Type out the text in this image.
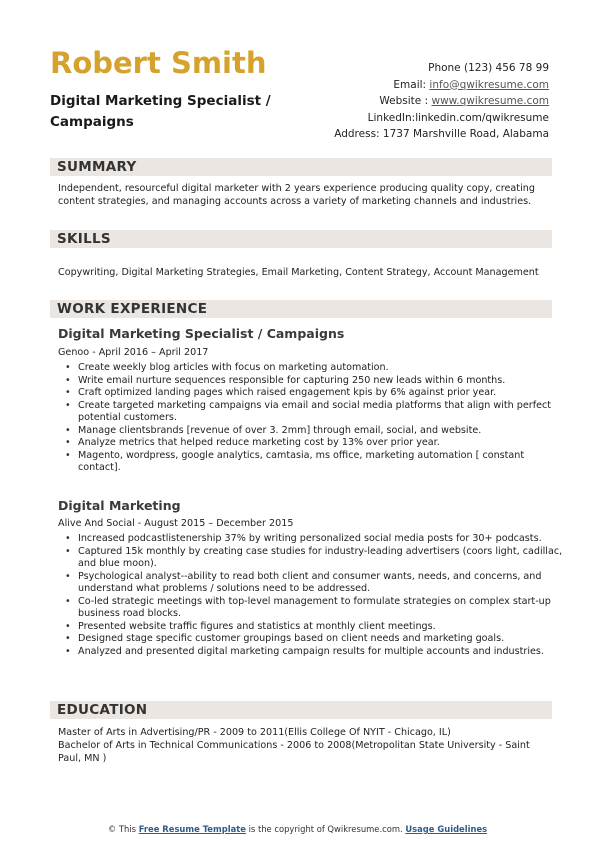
Robert Smith
Digital Marketing Specialist / Campaigns
Phone (123) 456 78 99
Email: info@qwikresume.com
Website : www.qwikresume.com
LinkedIn:linkedin.com/qwikresume
Address: 1737 Marshville Road, Alabama
SUMMARY
Independent, resourceful digital marketer with 2 years experience producing quality copy, creating content strategies, and managing accounts across a variety of marketing channels and industries.
SKILLS
Copywriting, Digital Marketing Strategies, Email Marketing, Content Strategy, Account Management
WORK EXPERIENCE
Digital Marketing Specialist / Campaigns
Genoo - April 2016 – April 2017
• Create weekly blog articles with focus on marketing automation.
• Write email nurture sequences responsible for capturing 250 new leads within 6 months.
• Craft optimized landing pages which raised engagement kpis by 6% against prior year.
• Create targeted marketing campaigns via email and social media platforms that align with perfect potential customers.
• Manage clientsbrands [revenue of over 3. 2mm] through email, social, and website.
• Analyze metrics that helped reduce marketing cost by 13% over prior year.
• Magento, wordpress, google analytics, camtasia, ms office, marketing automation [ constant contact].
Digital Marketing
Alive And Social - August 2015 – December 2015
• Increased podcastlistenership 37% by writing personalized social media posts for 30+ podcasts.
• Captured 15k monthly by creating case studies for industry-leading advertisers (coors light, cadillac, and blue moon).
• Psychological analyst--ability to read both client and consumer wants, needs, and concerns, and understand what problems / solutions need to be addressed.
• Co-led strategic meetings with top-level management to formulate strategies on complex start-up business road blocks.
• Presented website traffic figures and statistics at monthly client meetings.
• Designed stage specific customer groupings based on client needs and marketing goals.
• Analyzed and presented digital marketing campaign results for multiple accounts and industries.
EDUCATION
Master of Arts in Advertising/PR - 2009 to 2011(Ellis College Of NYIT - Chicago, IL)
Bachelor of Arts in Technical Communications - 2006 to 2008(Metropolitan State University - Saint Paul, MN )
© This Free Resume Template is the copyright of Qwikresume.com. Usage Guidelines
